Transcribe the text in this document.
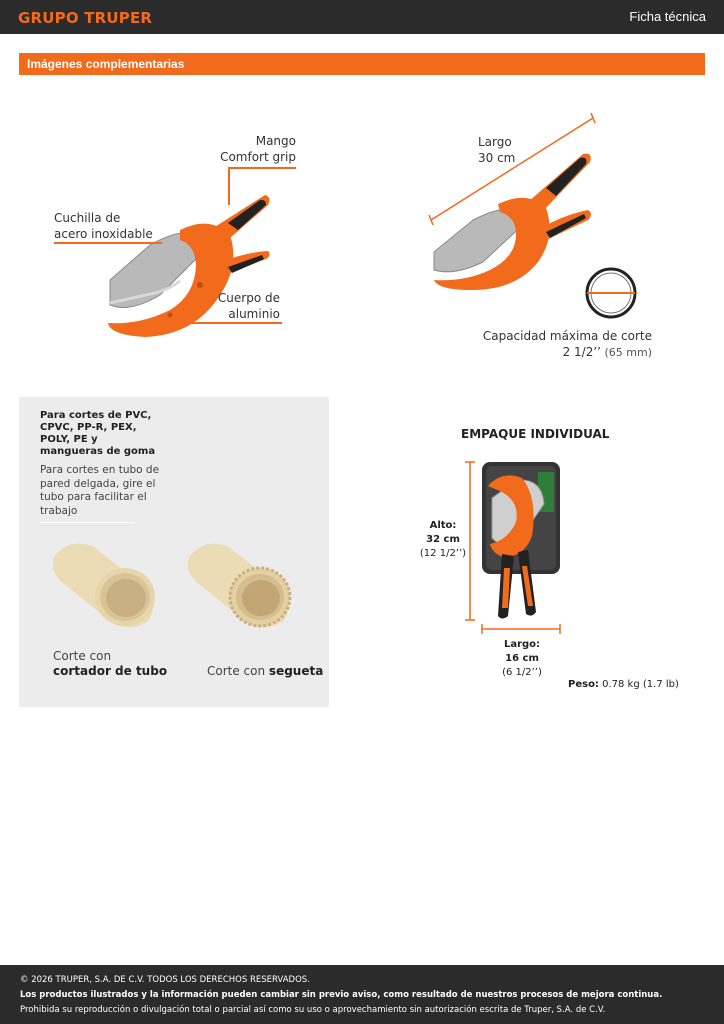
GRUPO TRUPER	Ficha técnica
Imágenes complementarias
Mango
Comfort grip
Cuchilla de
acero inoxidable
Cuerpo de
aluminio
Largo
30 cm
Capacidad máxima de corte
2 1/2’’ (65 mm)
Para cortes de PVC, CPVC, PP-R, PEX, POLY, PE y mangueras de goma
Para cortes en tubo de pared delgada, gire el tubo para facilitar el trabajo
Corte con
cortador de tubo	Corte con segueta
EMPAQUE INDIVIDUAL
Alto:
32 cm
(12 1/2’’)
Largo:
16 cm
(6 1/2’’)
Peso: 0.78 kg (1.7 lb)
© 2026 TRUPER, S.A. DE C.V. TODOS LOS DERECHOS RESERVADOS.
Los productos ilustrados y la información pueden cambiar sin previo aviso, como resultado de nuestros procesos de mejora continua.
Prohibida su reproducción o divulgación total o parcial así como su uso o aprovechamiento sin autorización escrita de Truper, S.A. de C.V.
